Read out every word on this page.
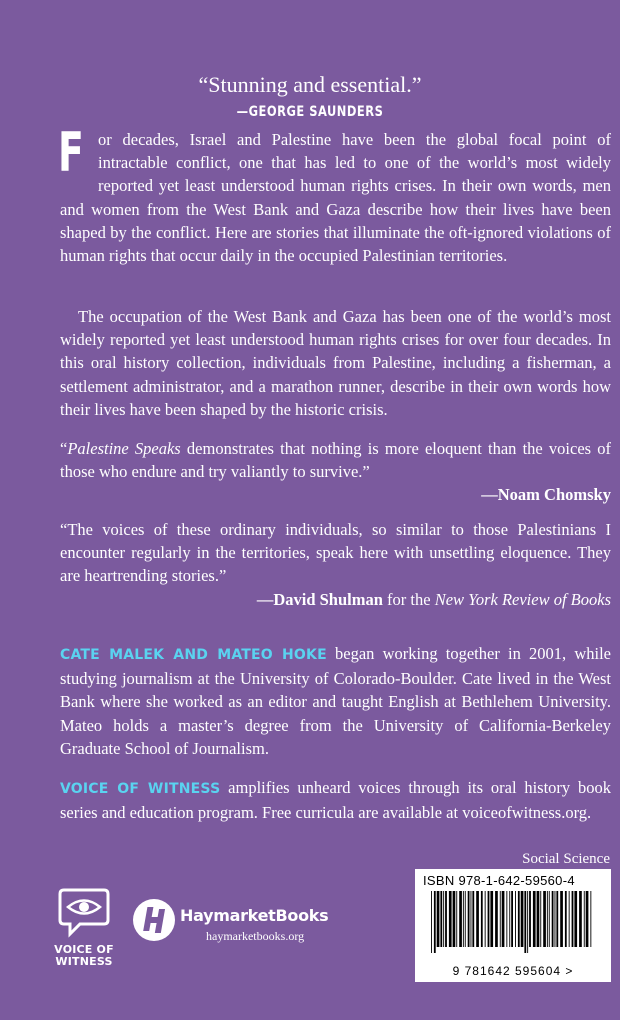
“Stunning and essential.”
—GEORGE SAUNDERS
For decades, Israel and Palestine have been the global focal point of intractable conflict, one that has led to one of the world’s most widely reported yet least understood human rights crises. In their own words, men and women from the West Bank and Gaza describe how their lives have been shaped by the conflict. Here are stories that illuminate the oft-ignored violations of human rights that occur daily in the occupied Palestinian territories.
The occupation of the West Bank and Gaza has been one of the world’s most widely reported yet least understood human rights crises for over four decades. In this oral history collection, individuals from Palestine, including a fisherman, a settlement administrator, and a marathon runner, describe in their own words how their lives have been shaped by the historic crisis.
“Palestine Speaks demonstrates that nothing is more eloquent than the voices of those who endure and try valiantly to survive.”
—Noam Chomsky
“The voices of these ordinary individuals, so similar to those Palestinians I encounter regularly in the territories, speak here with unsettling eloquence. They are heartrending stories.”
—David Shulman for the New York Review of Books
CATE MALEK AND MATEO HOKE began working together in 2001, while studying journalism at the University of Colorado-Boulder. Cate lived in the West Bank where she worked as an editor and taught English at Bethlehem University. Mateo holds a master’s degree from the University of California-Berkeley Graduate School of Journalism.
VOICE OF WITNESS amplifies unheard voices through its oral history book series and education program. Free curricula are available at voiceofwitness.org.
Social Science
ISBN 978-1-642-59560-4
9 781642 595604 >
VOICE OF
WITNESS
HaymarketBooks
haymarketbooks.org
